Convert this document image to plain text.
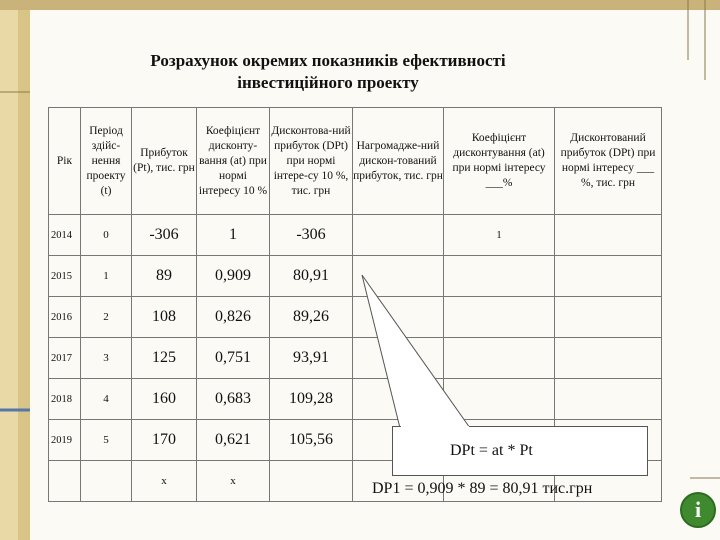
Розрахунок окремих показників ефективності інвестиційного проекту
Рік	Період здійс-нення проекту (t)	Прибуток (Pt), тис. грн	Коефіцієнт дисконту-вання (at) при нормі інтересу 10 %	Дисконтова-ний прибуток (DPt) при нормі інтере-су 10 %, тис. грн	Нагромадже-ний дискон-тований прибуток, тис. грн	Коефіцієнт дисконтування (at) при нормі інтересу ___%	Дисконтований прибуток (DPt) при нормі інтересу ___ %, тис. грн
2014	0	-306	1	-306		1	
2015	1	89	0,909	80,91			
2016	2	108	0,826	89,26			
2017	3	125	0,751	93,91			
2018	4	160	0,683	109,28			
2019	5	170	0,621	105,56			
		x	x				
DPt = at * Pt
DP1 = 0,909 * 89 = 80,91 тис.грн
i
